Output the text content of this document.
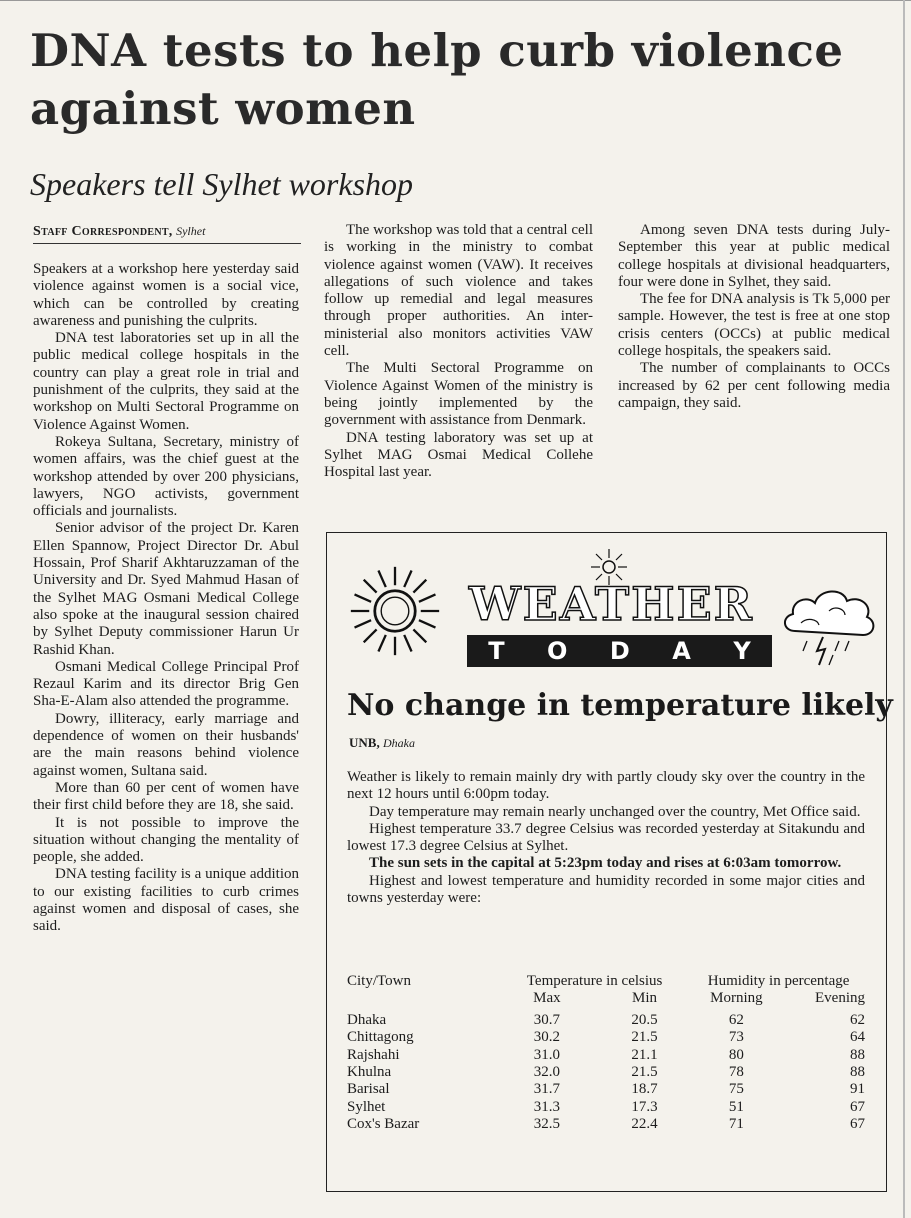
DNA tests to help curb violence against women
Speakers tell Sylhet workshop
Staff Correspondent, Sylhet

Speakers at a workshop here yesterday said violence against women is a social vice, which can be controlled by creating awareness and punishing the culprits.

DNA test laboratories set up in all the public medical college hospitals in the country can play a great role in trial and punishment of the culprits, they said at the workshop on Multi Sectoral Programme on Violence Against Women.

Rokeya Sultana, Secretary, ministry of women affairs, was the chief guest at the workshop attended by over 200 physicians, lawyers, NGO activists, government officials and journalists.

Senior advisor of the project Dr. Karen Ellen Spannow, Project Director Dr. Abul Hossain, Prof Sharif Akhtaruzzaman of the University and Dr. Syed Mahmud Hasan of the Sylhet MAG Osmani Medical College also spoke at the inaugural session chaired by Sylhet Deputy commissioner Harun Ur Rashid Khan.

Osmani Medical College Principal Prof Rezaul Karim and its director Brig Gen Sha-E-Alam also attended the programme.

Dowry, illiteracy, early marriage and dependence of women on their husbands' are the main reasons behind violence against women, Sultana said.

More than 60 per cent of women have their first child before they are 18, she said.

It is not possible to improve the situation without changing the mentality of people, she added.

DNA testing facility is a unique addition to our existing facilities to curb crimes against women and disposal of cases, she said.

The workshop was told that a central cell is working in the ministry to combat violence against women (VAW). It receives allegations of such violence and takes follow up remedial and legal measures through proper authorities. An inter-ministerial also monitors activities VAW cell.

The Multi Sectoral Programme on Violence Against Women of the ministry is being jointly implemented by the government with assistance from Denmark.

DNA testing laboratory was set up at Sylhet MAG Osmai Medical Collehe Hospital last year.

Among seven DNA tests during July-September this year at public medical college hospitals at divisional headquarters, four were done in Sylhet, they said.

The fee for DNA analysis is Tk 5,000 per sample. However, the test is free at one stop crisis centers (OCCs) at public medical college hospitals, the speakers said.

The number of complainants to OCCs increased by 62 per cent following media campaign, they said.

WEATHER
T O D A Y
No change in temperature likely
UNB, Dhaka

Weather is likely to remain mainly dry with partly cloudy sky over the country in the next 12 hours until 6:00pm today.

Day temperature may remain nearly unchanged over the country, Met Office said.

Highest temperature 33.7 degree Celsius was recorded yesterday at Sitakundu and lowest 17.3 degree Celsius at Sylhet.

The sun sets in the capital at 5:23pm today and rises at 6:03am tomorrow.

Highest and lowest temperature and humidity recorded in some major cities and towns yesterday were:

City/Town	Temperature in celsius		Humidity in percentage	
	Max	Min	Morning	Evening
Dhaka	30.7	20.5	62	62
Chittagong	30.2	21.5	73	64
Rajshahi	31.0	21.1	80	88
Khulna	32.0	21.5	78	88
Barisal	31.7	18.7	75	91
Sylhet	31.3	17.3	51	67
Cox's Bazar	32.5	22.4	71	67
